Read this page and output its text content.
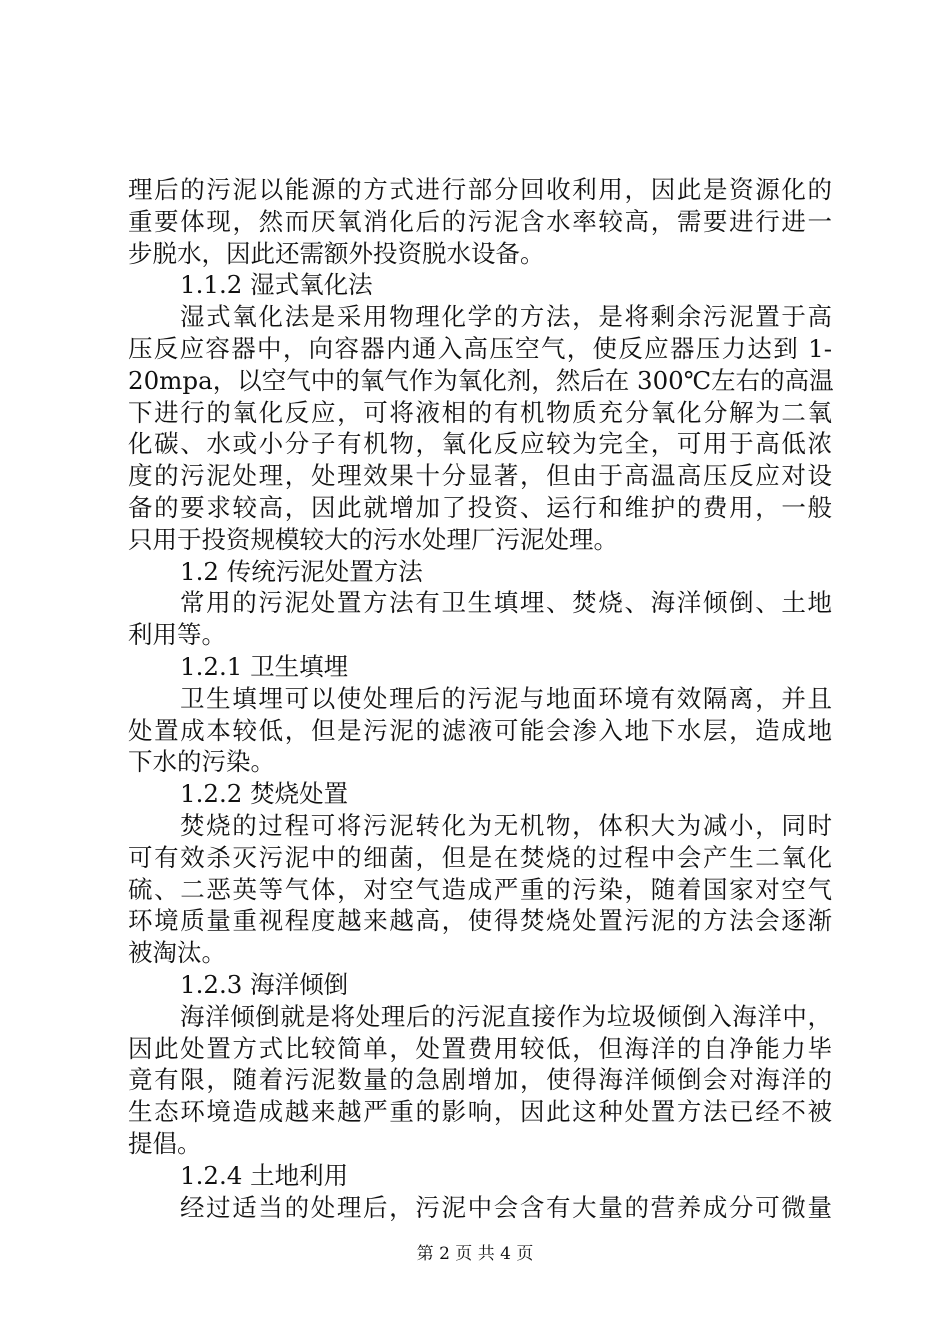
理后的污泥以能源的方式进行部分回收利用，因此是资源化的
重要体现，然而厌氧消化后的污泥含水率较高，需要进行进一
步脱水，因此还需额外投资脱水设备。
1.1.2 湿式氧化法
湿式氧化法是采用物理化学的方法，是将剩余污泥置于高
压反应容器中，向容器内通入高压空气，使反应器压力达到 1-
20mpa，以空气中的氧气作为氧化剂，然后在 300℃左右的高温
下进行的氧化反应，可将液相的有机物质充分氧化分解为二氧
化碳、水或小分子有机物，氧化反应较为完全，可用于高低浓
度的污泥处理，处理效果十分显著，但由于高温高压反应对设
备的要求较高，因此就增加了投资、运行和维护的费用，一般
只用于投资规模较大的污水处理厂污泥处理。
1.2 传统污泥处置方法
常用的污泥处置方法有卫生填埋、焚烧、海洋倾倒、土地
利用等。
1.2.1 卫生填埋
卫生填埋可以使处理后的污泥与地面环境有效隔离，并且
处置成本较低，但是污泥的滤液可能会渗入地下水层，造成地
下水的污染。
1.2.2 焚烧处置
焚烧的过程可将污泥转化为无机物，体积大为减小，同时
可有效杀灭污泥中的细菌，但是在焚烧的过程中会产生二氧化
硫、二恶英等气体，对空气造成严重的污染，随着国家对空气
环境质量重视程度越来越高，使得焚烧处置污泥的方法会逐渐
被淘汰。
1.2.3 海洋倾倒
海洋倾倒就是将处理后的污泥直接作为垃圾倾倒入海洋中，
因此处置方式比较简单，处置费用较低，但海洋的自净能力毕
竟有限，随着污泥数量的急剧增加，使得海洋倾倒会对海洋的
生态环境造成越来越严重的影响，因此这种处置方法已经不被
提倡。
1.2.4 土地利用
经过适当的处理后，污泥中会含有大量的营养成分可微量
第 2 页 共 4 页
